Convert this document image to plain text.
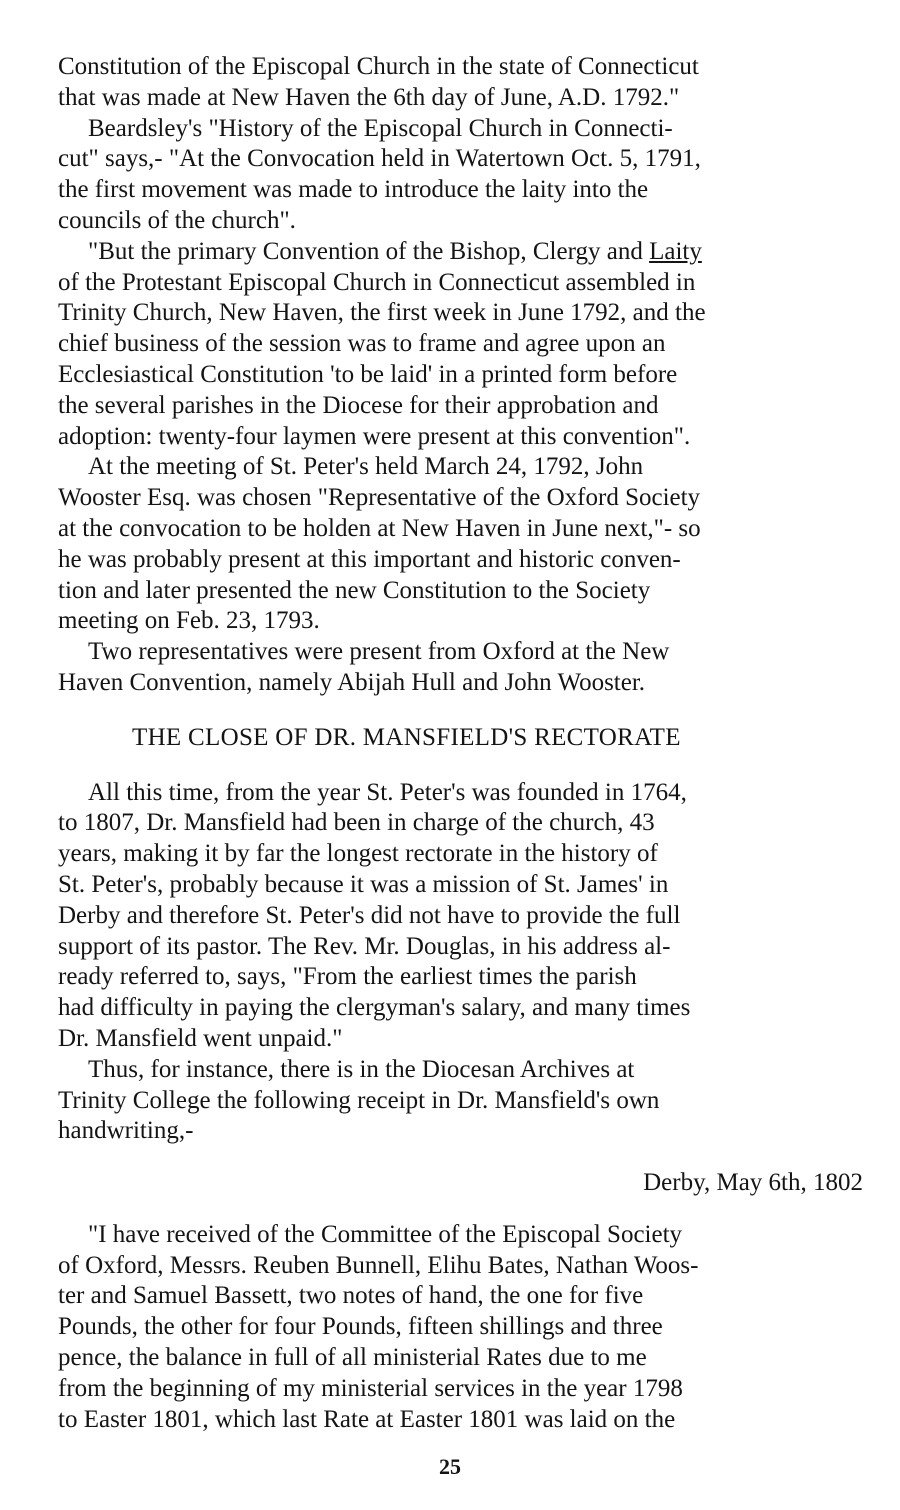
Constitution of the Episcopal Church in the state of Connecticut
that was made at New Haven the 6th day of June, A.D. 1792."
Beardsley's "History of the Episcopal Church in Connecti-
cut" says,- "At the Convocation held in Watertown Oct. 5, 1791,
the first movement was made to introduce the laity into the
councils of the church".
"But the primary Convention of the Bishop, Clergy and Laity
of the Protestant Episcopal Church in Connecticut assembled in
Trinity Church, New Haven, the first week in June 1792, and the
chief business of the session was to frame and agree upon an
Ecclesiastical Constitution 'to be laid' in a printed form before
the several parishes in the Diocese for their approbation and
adoption: twenty-four laymen were present at this convention".
At the meeting of St. Peter's held March 24, 1792, John
Wooster Esq. was chosen "Representative of the Oxford Society
at the convocation to be holden at New Haven in June next,"- so
he was probably present at this important and historic conven-
tion and later presented the new Constitution to the Society
meeting on Feb. 23, 1793.
Two representatives were present from Oxford at the New
Haven Convention, namely Abijah Hull and John Wooster.
THE CLOSE OF DR. MANSFIELD'S RECTORATE
All this time, from the year St. Peter's was founded in 1764,
to 1807, Dr. Mansfield had been in charge of the church, 43
years, making it by far the longest rectorate in the history of
St. Peter's, probably because it was a mission of St. James' in
Derby and therefore St. Peter's did not have to provide the full
support of its pastor. The Rev. Mr. Douglas, in his address al-
ready referred to, says, "From the earliest times the parish
had difficulty in paying the clergyman's salary, and many times
Dr. Mansfield went unpaid."
Thus, for instance, there is in the Diocesan Archives at
Trinity College the following receipt in Dr. Mansfield's own
handwriting,-
Derby, May 6th, 1802
"I have received of the Committee of the Episcopal Society
of Oxford, Messrs. Reuben Bunnell, Elihu Bates, Nathan Woos-
ter and Samuel Bassett, two notes of hand, the one for five
Pounds, the other for four Pounds, fifteen shillings and three
pence, the balance in full of all ministerial Rates due to me
from the beginning of my ministerial services in the year 1798
to Easter 1801, which last Rate at Easter 1801 was laid on the
25
